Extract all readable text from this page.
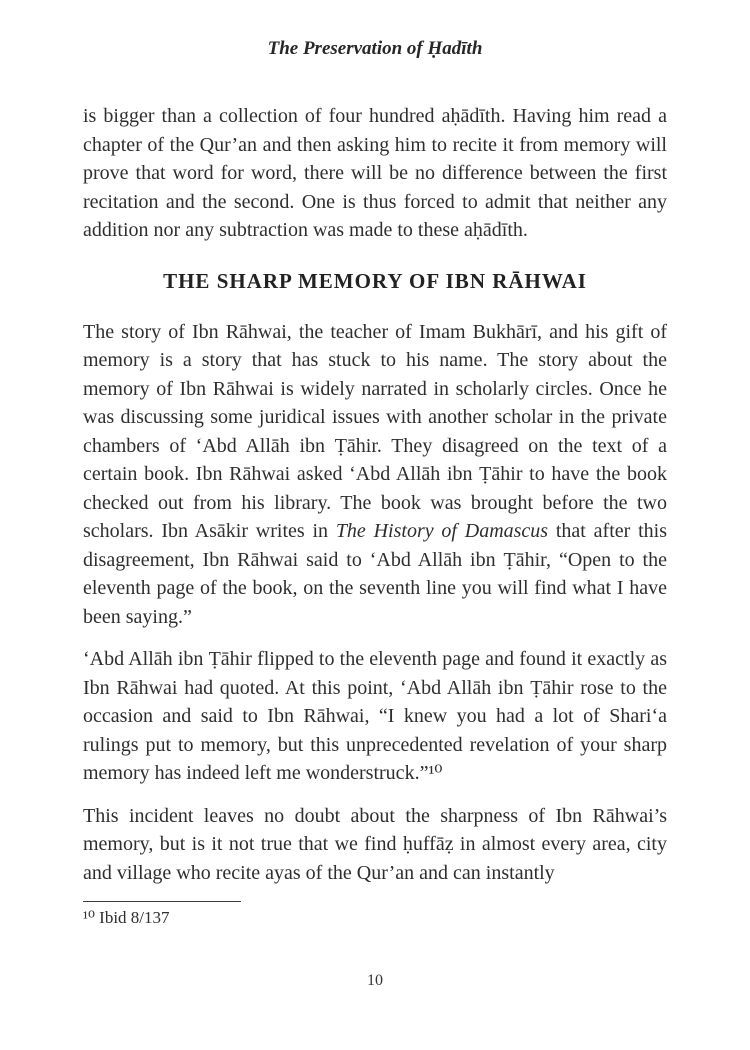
The Preservation of Ḥadīth

is bigger than a collection of four hundred aḥādīth. Having him read a chapter of the Qur’an and then asking him to recite it from memory will prove that word for word, there will be no difference between the first recitation and the second. One is thus forced to admit that neither any addition nor any subtraction was made to these aḥādīth.

THE SHARP MEMORY OF IBN RĀHWAI

The story of Ibn Rāhwai, the teacher of Imam Bukhārī, and his gift of memory is a story that has stuck to his name. The story about the memory of Ibn Rāhwai is widely narrated in scholarly circles. Once he was discussing some juridical issues with another scholar in the private chambers of ‘Abd Allāh ibn Ṭāhir. They disagreed on the text of a certain book. Ibn Rāhwai asked ‘Abd Allāh ibn Ṭāhir to have the book checked out from his library. The book was brought before the two scholars. Ibn Asākir writes in The History of Damascus that after this disagreement, Ibn Rāhwai said to ‘Abd Allāh ibn Ṭāhir, “Open to the eleventh page of the book, on the seventh line you will find what I have been saying.”

‘Abd Allāh ibn Ṭāhir flipped to the eleventh page and found it exactly as Ibn Rāhwai had quoted. At this point, ‘Abd Allāh ibn Ṭāhir rose to the occasion and said to Ibn Rāhwai, “I knew you had a lot of Shari‘a rulings put to memory, but this unprecedented revelation of your sharp memory has indeed left me wonderstruck.”¹⁰

This incident leaves no doubt about the sharpness of Ibn Rāhwai’s memory, but is it not true that we find ḥuffāẓ in almost every area, city and village who recite ayas of the Qur’an and can instantly

¹⁰ Ibid 8/137
10
